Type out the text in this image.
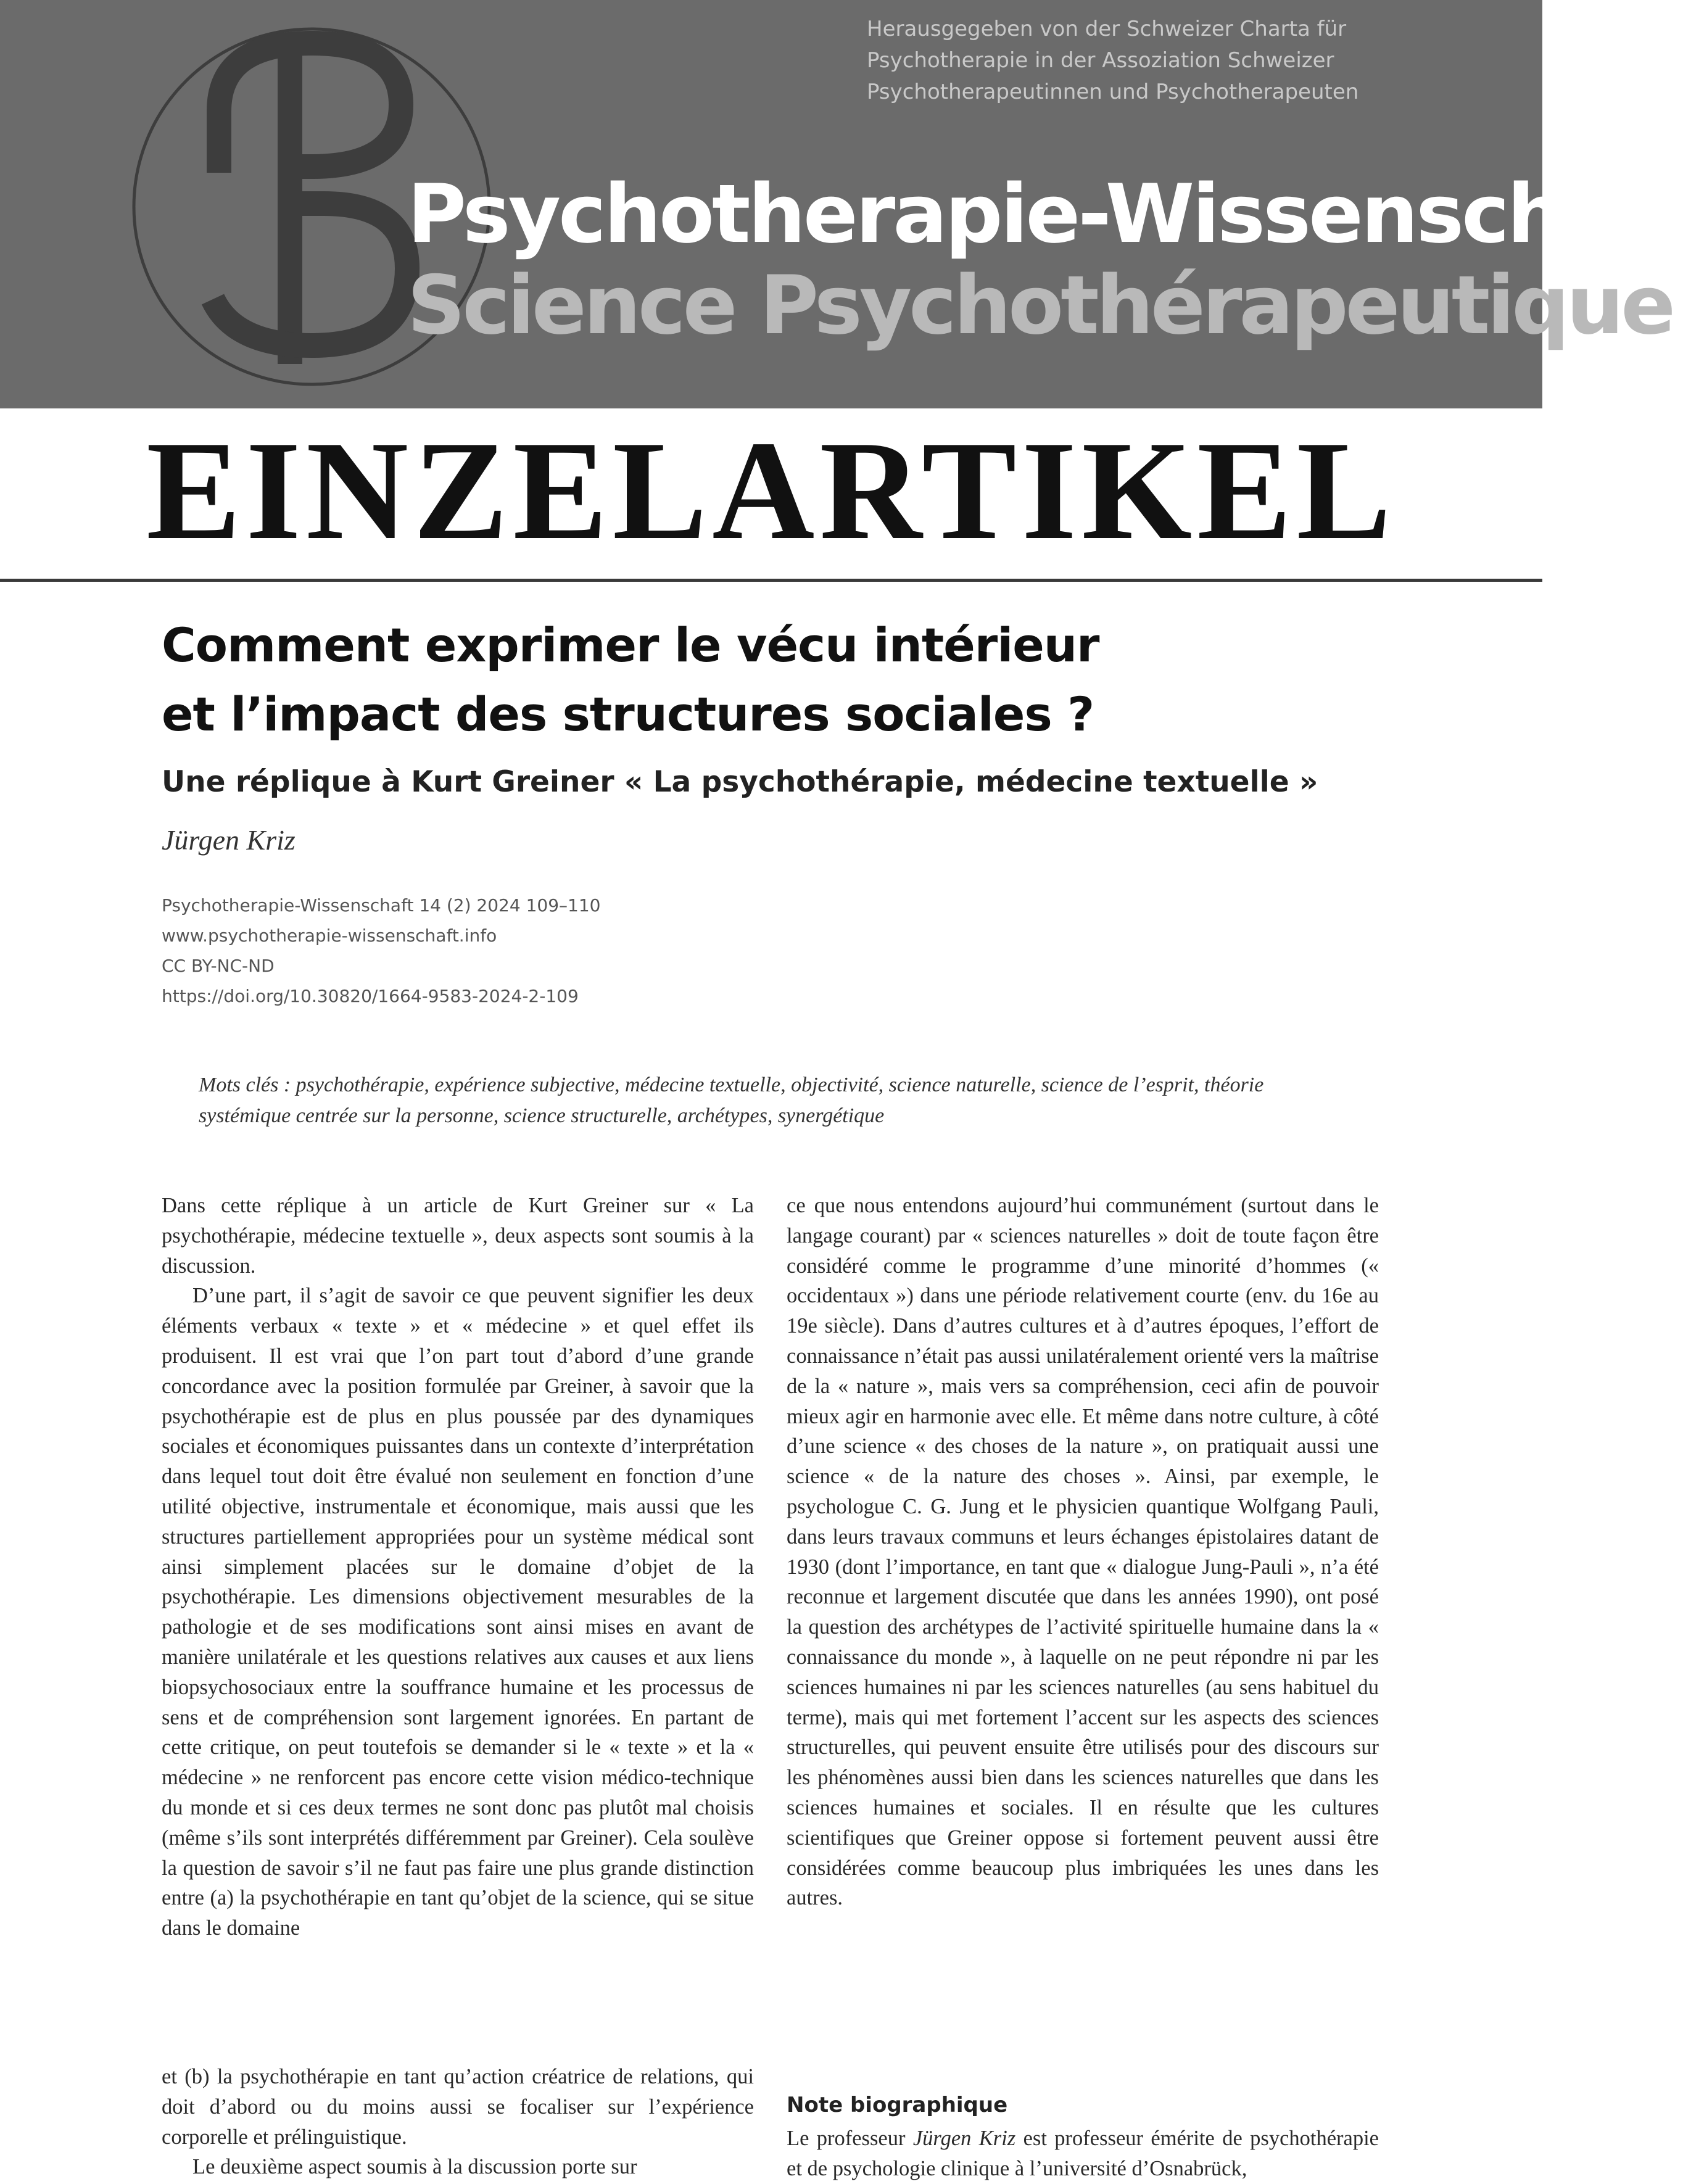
Herausgegeben von der Schweizer Charta für
Psychotherapie in der Assoziation Schweizer
Psychotherapeutinnen und Psychotherapeuten

Psychotherapie-Wissenschaft
Science Psychothérapeutique
EINZELARTIKEL
Comment exprimer le vécu intérieur
et l’impact des structures sociales ?
Une réplique à Kurt Greiner « La psychothérapie, médecine textuelle »

Jürgen Kriz

Psychotherapie-Wissenschaft 14 (2) 2024 109–110
www.psychotherapie-wissenschaft.info
CC BY-NC-ND
https://doi.org/10.30820/1664-9583-2024-2-109

Mots clés : psychothérapie, expérience subjective, médecine textuelle, objectivité, science naturelle, science de l’esprit, théorie systémique centrée sur la personne, science structurelle, archétypes, synergétique

Dans cette réplique à un article de Kurt Greiner sur « La psychothérapie, médecine textuelle », deux aspects sont soumis à la discussion.

D’une part, il s’agit de savoir ce que peuvent signifier les deux éléments verbaux « texte » et « médecine » et quel effet ils produisent. Il est vrai que l’on part tout d’abord d’une grande concordance avec la position formulée par Greiner, à savoir que la psychothérapie est de plus en plus poussée par des dynamiques sociales et économiques puissantes dans un contexte d’interprétation dans lequel tout doit être évalué non seulement en fonction d’une utilité objective, instrumentale et économique, mais aussi que les structures partiellement appropriées pour un système médical sont ainsi simplement placées sur le domaine d’objet de la psychothérapie. Les dimensions objectivement mesurables de la pathologie et de ses modifications sont ainsi mises en avant de manière unilatérale et les questions relatives aux causes et aux liens biopsychosociaux entre la souffrance humaine et les processus de sens et de compréhension sont largement ignorées. En partant de cette critique, on peut toutefois se demander si le « texte » et la « médecine » ne renforcent pas encore cette vision médico-technique du monde et si ces deux termes ne sont donc pas plutôt mal choisis (même s’ils sont interprétés différemment par Greiner). Cela soulève la question de savoir s’il ne faut pas faire une plus grande distinction entre (a) la psychothérapie en tant qu’objet de la science, qui se situe dans le domaine

ce que nous entendons aujourd’hui communément (surtout dans le langage courant) par « sciences naturelles » doit de toute façon être considéré comme le programme d’une minorité d’hommes (« occidentaux ») dans une période relativement courte (env. du 16e au 19e siècle). Dans d’autres cultures et à d’autres époques, l’effort de connaissance n’était pas aussi unilatéralement orienté vers la maîtrise de la « nature », mais vers sa compréhension, ceci afin de pouvoir mieux agir en harmonie avec elle. Et même dans notre culture, à côté d’une science « des choses de la nature », on pratiquait aussi une science « de la nature des choses ». Ainsi, par exemple, le psychologue C. G. Jung et le physicien quantique Wolfgang Pauli, dans leurs travaux communs et leurs échanges épistolaires datant de 1930 (dont l’importance, en tant que « dialogue Jung-Pauli », n’a été reconnue et largement discutée que dans les années 1990), ont posé la question des archétypes de l’activité spirituelle humaine dans la « connaissance du monde », à laquelle on ne peut répondre ni par les sciences humaines ni par les sciences naturelles (au sens habituel du terme), mais qui met fortement l’accent sur les aspects des sciences structurelles, qui peuvent ensuite être utilisés pour des discours sur les phénomènes aussi bien dans les sciences naturelles que dans les sciences humaines et sociales. Il en résulte que les cultures scientifiques que Greiner oppose si fortement peuvent aussi être considérées comme beaucoup plus imbriquées les unes dans les autres.

et (b) la psychothérapie en tant qu’action créatrice de relations, qui doit d’abord ou du moins aussi se focaliser sur l’expérience corporelle et prélinguistique.

Le deuxième aspect soumis à la discussion porte sur

Note biographique

Le professeur Jürgen Kriz est professeur émérite de psychothérapie et de psychologie clinique à l’université d’Osnabrück,
